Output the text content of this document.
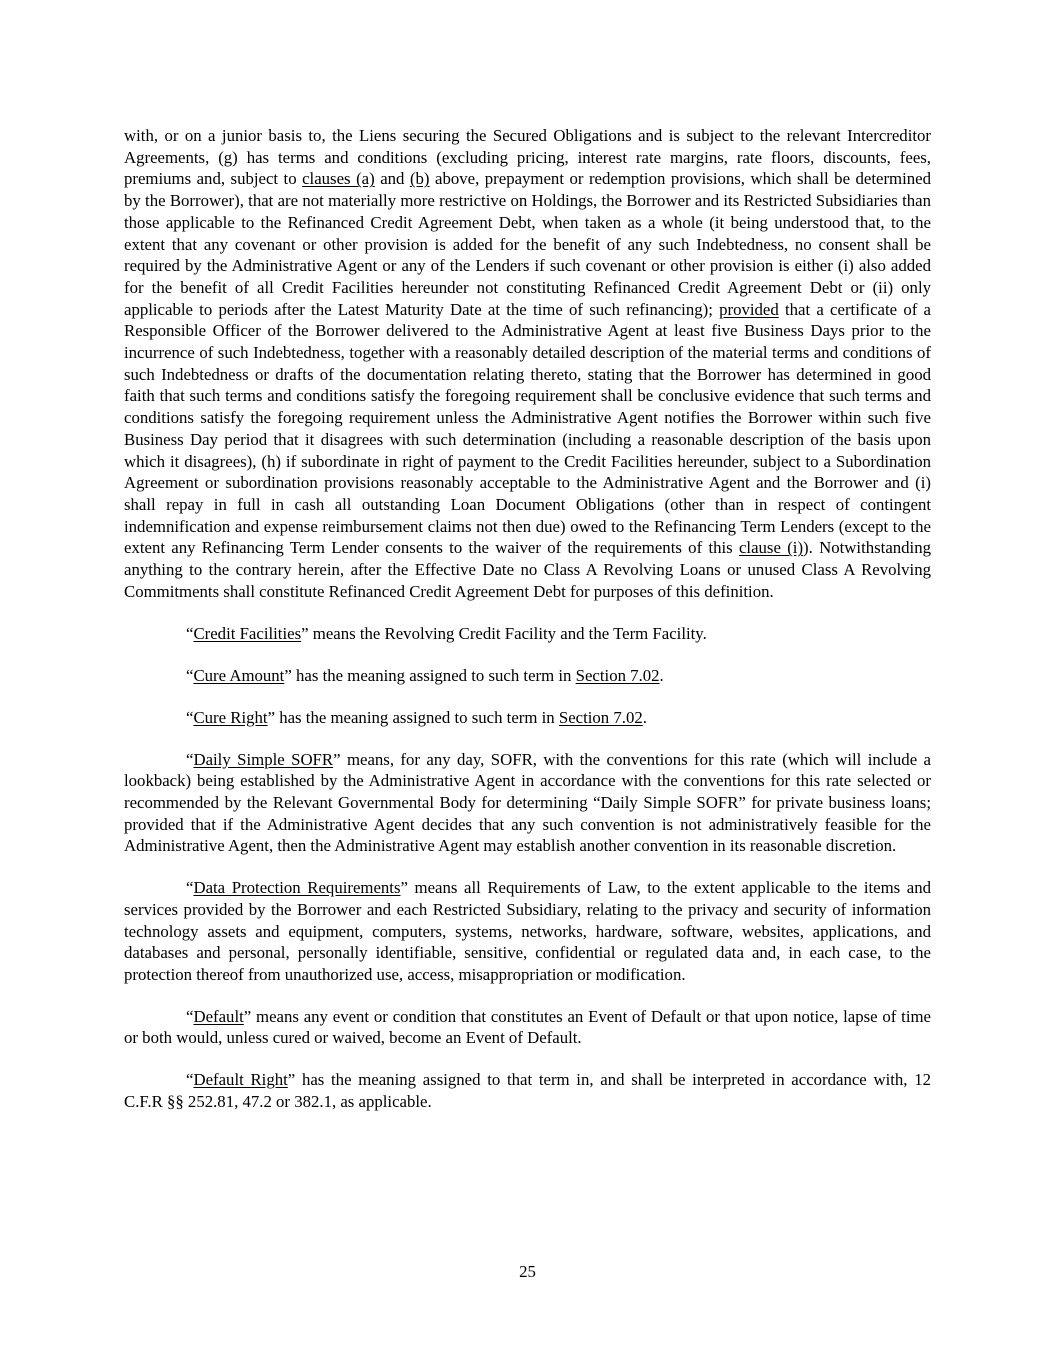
with, or on a junior basis to, the Liens securing the Secured Obligations and is subject to the relevant Intercreditor Agreements, (g) has terms and conditions (excluding pricing, interest rate margins, rate floors, discounts, fees, premiums and, subject to clauses (a) and (b) above, prepayment or redemption provisions, which shall be determined by the Borrower), that are not materially more restrictive on Holdings, the Borrower and its Restricted Subsidiaries than those applicable to the Refinanced Credit Agreement Debt, when taken as a whole (it being understood that, to the extent that any covenant or other provision is added for the benefit of any such Indebtedness, no consent shall be required by the Administrative Agent or any of the Lenders if such covenant or other provision is either (i) also added for the benefit of all Credit Facilities hereunder not constituting Refinanced Credit Agreement Debt or (ii) only applicable to periods after the Latest Maturity Date at the time of such refinancing); provided that a certificate of a Responsible Officer of the Borrower delivered to the Administrative Agent at least five Business Days prior to the incurrence of such Indebtedness, together with a reasonably detailed description of the material terms and conditions of such Indebtedness or drafts of the documentation relating thereto, stating that the Borrower has determined in good faith that such terms and conditions satisfy the foregoing requirement shall be conclusive evidence that such terms and conditions satisfy the foregoing requirement unless the Administrative Agent notifies the Borrower within such five Business Day period that it disagrees with such determination (including a reasonable description of the basis upon which it disagrees), (h) if subordinate in right of payment to the Credit Facilities hereunder, subject to a Subordination Agreement or subordination provisions reasonably acceptable to the Administrative Agent and the Borrower and (i) shall repay in full in cash all outstanding Loan Document Obligations (other than in respect of contingent indemnification and expense reimbursement claims not then due) owed to the Refinancing Term Lenders (except to the extent any Refinancing Term Lender consents to the waiver of the requirements of this clause (i)). Notwithstanding anything to the contrary herein, after the Effective Date no Class A Revolving Loans or unused Class A Revolving Commitments shall constitute Refinanced Credit Agreement Debt for purposes of this definition.

“Credit Facilities” means the Revolving Credit Facility and the Term Facility.

“Cure Amount” has the meaning assigned to such term in Section 7.02.

“Cure Right” has the meaning assigned to such term in Section 7.02.

“Daily Simple SOFR” means, for any day, SOFR, with the conventions for this rate (which will include a lookback) being established by the Administrative Agent in accordance with the conventions for this rate selected or recommended by the Relevant Governmental Body for determining “Daily Simple SOFR” for private business loans; provided that if the Administrative Agent decides that any such convention is not administratively feasible for the Administrative Agent, then the Administrative Agent may establish another convention in its reasonable discretion.

“Data Protection Requirements” means all Requirements of Law, to the extent applicable to the items and services provided by the Borrower and each Restricted Subsidiary, relating to the privacy and security of information technology assets and equipment, computers, systems, networks, hardware, software, websites, applications, and databases and personal, personally identifiable, sensitive, confidential or regulated data and, in each case, to the protection thereof from unauthorized use, access, misappropriation or modification.

“Default” means any event or condition that constitutes an Event of Default or that upon notice, lapse of time or both would, unless cured or waived, become an Event of Default.

“Default Right” has the meaning assigned to that term in, and shall be interpreted in accordance with, 12 C.F.R §§ 252.81, 47.2 or 382.1, as applicable.

25
